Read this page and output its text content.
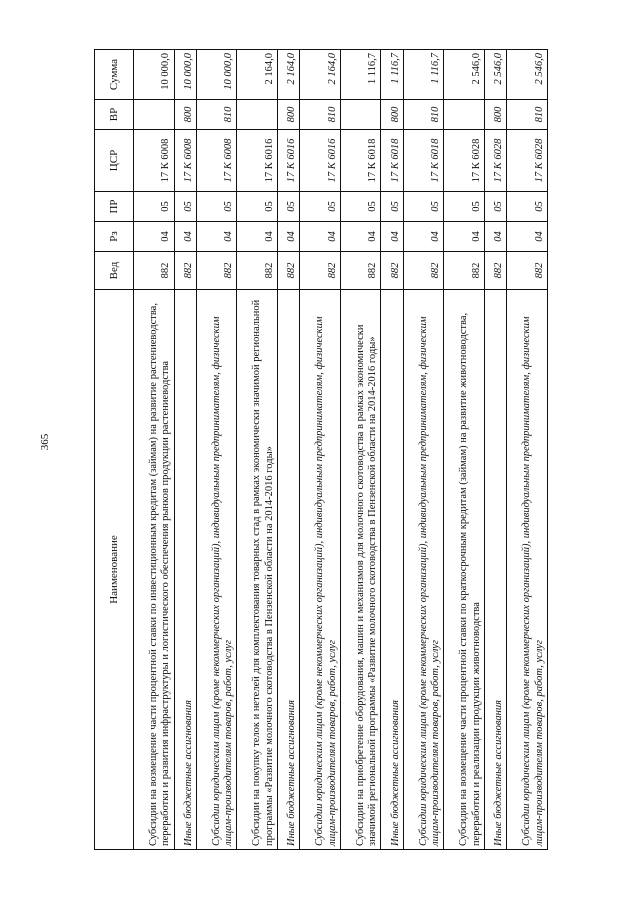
365
Наименование	Вед	Рз	ПР	ЦСР	ВР	Сумма
Субсидии на возмещение части процентной ставки по инвестиционным кредитам (займам) на развитие растениеводства, переработки и развития инфраструктуры и логистического обеспечения рынков продукции растениеводства	882	04	05	17 К 6008		10 000,0
Иные бюджетные ассигнования	882	04	05	17 К 6008	800	10 000,0
Субсидии юридическим лицам (кроме некоммерческих организаций), индивидуальным предпринимателям, физическим лицам-производителям товаров, работ, услуг	882	04	05	17 К 6008	810	10 000,0
Субсидии на покупку телок и нетелей для комплектования товарных стад в рамках экономически значимой региональной программы «Развитие молочного скотоводства в Пензенской области на 2014-2016 годы»	882	04	05	17 К 6016		2 164,0
Иные бюджетные ассигнования	882	04	05	17 К 6016	800	2 164,0
Субсидии юридическим лицам (кроме некоммерческих организаций), индивидуальным предпринимателям, физическим лицам-производителям товаров, работ, услуг	882	04	05	17 К 6016	810	2 164,0
Субсидии на приобретение оборудования, машин и механизмов для молочного скотоводства в рамках экономически значимой региональной программы «Развитие молочного скотоводства в Пензенской области на 2014-2016 годы»	882	04	05	17 К 6018		1 116,7
Иные бюджетные ассигнования	882	04	05	17 К 6018	800	1 116,7
Субсидии юридическим лицам (кроме некоммерческих организаций), индивидуальным предпринимателям, физическим лицам-производителям товаров, работ, услуг	882	04	05	17 К 6018	810	1 116,7
Субсидии на возмещение части процентной ставки по краткосрочным кредитам (займам) на развитие животноводства, переработки и реализации продукции животноводства	882	04	05	17 К 6028		2 546,0
Иные бюджетные ассигнования	882	04	05	17 К 6028	800	2 546,0
Субсидии юридическим лицам (кроме некоммерческих организаций), индивидуальным предпринимателям, физическим лицам-производителям товаров, работ, услуг	882	04	05	17 К 6028	810	2 546,0
